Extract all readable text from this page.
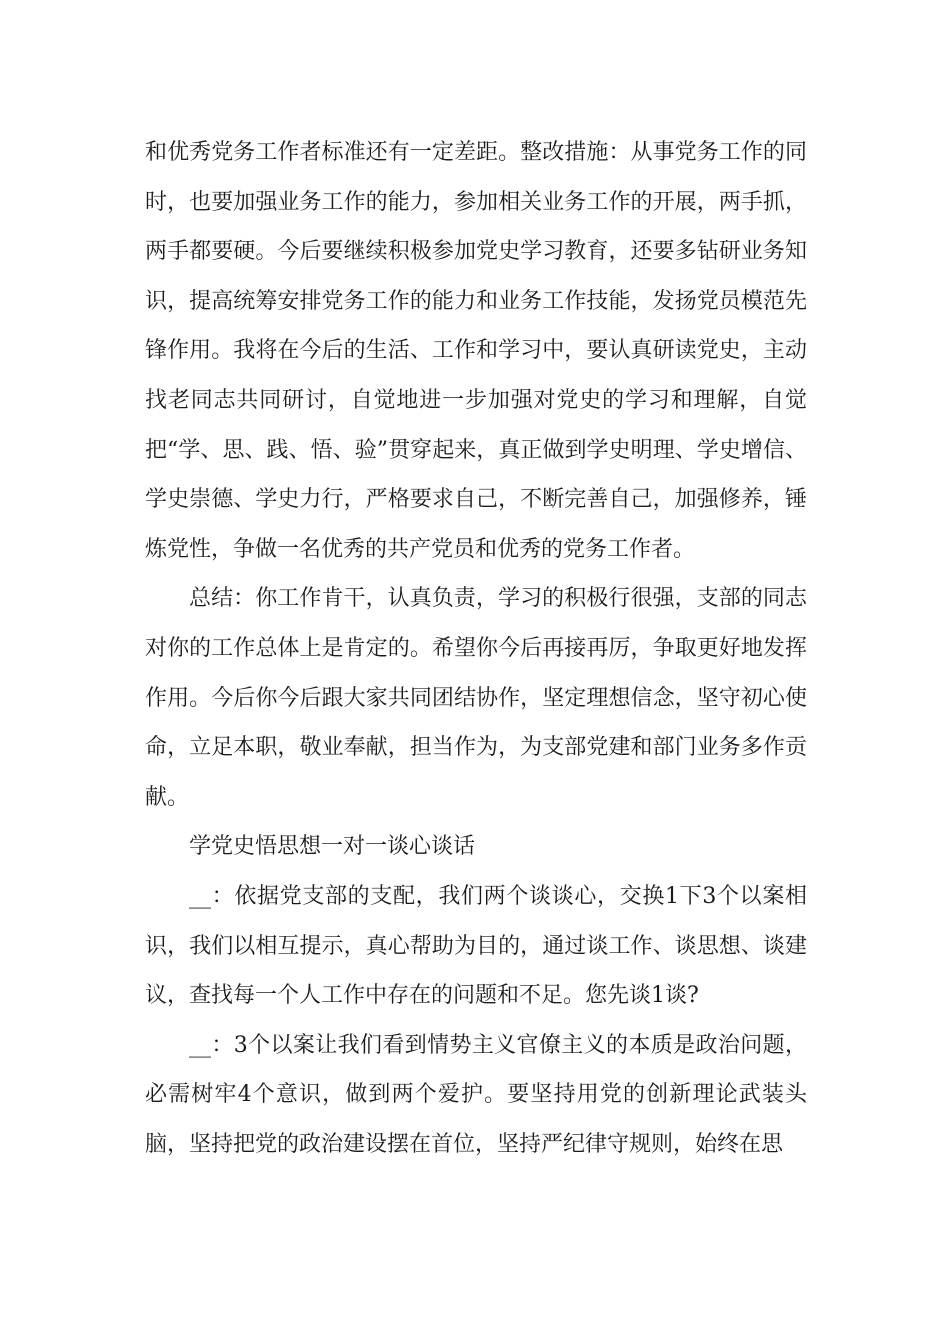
和优秀党务工作者标准还有一定差距。整改措施：从事党务工作的同时，也要加强业务工作的能力，参加相关业务工作的开展，两手抓，两手都要硬。今后要继续积极参加党史学习教育，还要多钻研业务知识，提高统筹安排党务工作的能力和业务工作技能，发扬党员模范先锋作用。我将在今后的生活、工作和学习中，要认真研读党史，主动找老同志共同研讨，自觉地进一步加强对党史的学习和理解，自觉把“学、思、践、悟、验”贯穿起来，真正做到学史明理、学史增信、学史崇德、学史力行，严格要求自己，不断完善自己，加强修养，锤炼党性，争做一名优秀的共产党员和优秀的党务工作者。

总结：你工作肯干，认真负责，学习的积极行很强，支部的同志对你的工作总体上是肯定的。希望你今后再接再厉，争取更好地发挥作用。今后你今后跟大家共同团结协作，坚定理想信念，坚守初心使命，立足本职，敬业奉献，担当作为，为支部党建和部门业务多作贡献。

学党史悟思想一对一谈心谈话

__：依据党支部的支配，我们两个谈谈心，交换1下3个以案相识，我们以相互提示，真心帮助为目的，通过谈工作、谈思想、谈建议，查找每一个人工作中存在的问题和不足。您先谈1谈?

__：3个以案让我们看到情势主义官僚主义的本质是政治问题，必需树牢4个意识，做到两个爱护。要坚持用党的创新理论武装头脑，坚持把党的政治建设摆在首位，坚持严纪律守规则，始终在思
